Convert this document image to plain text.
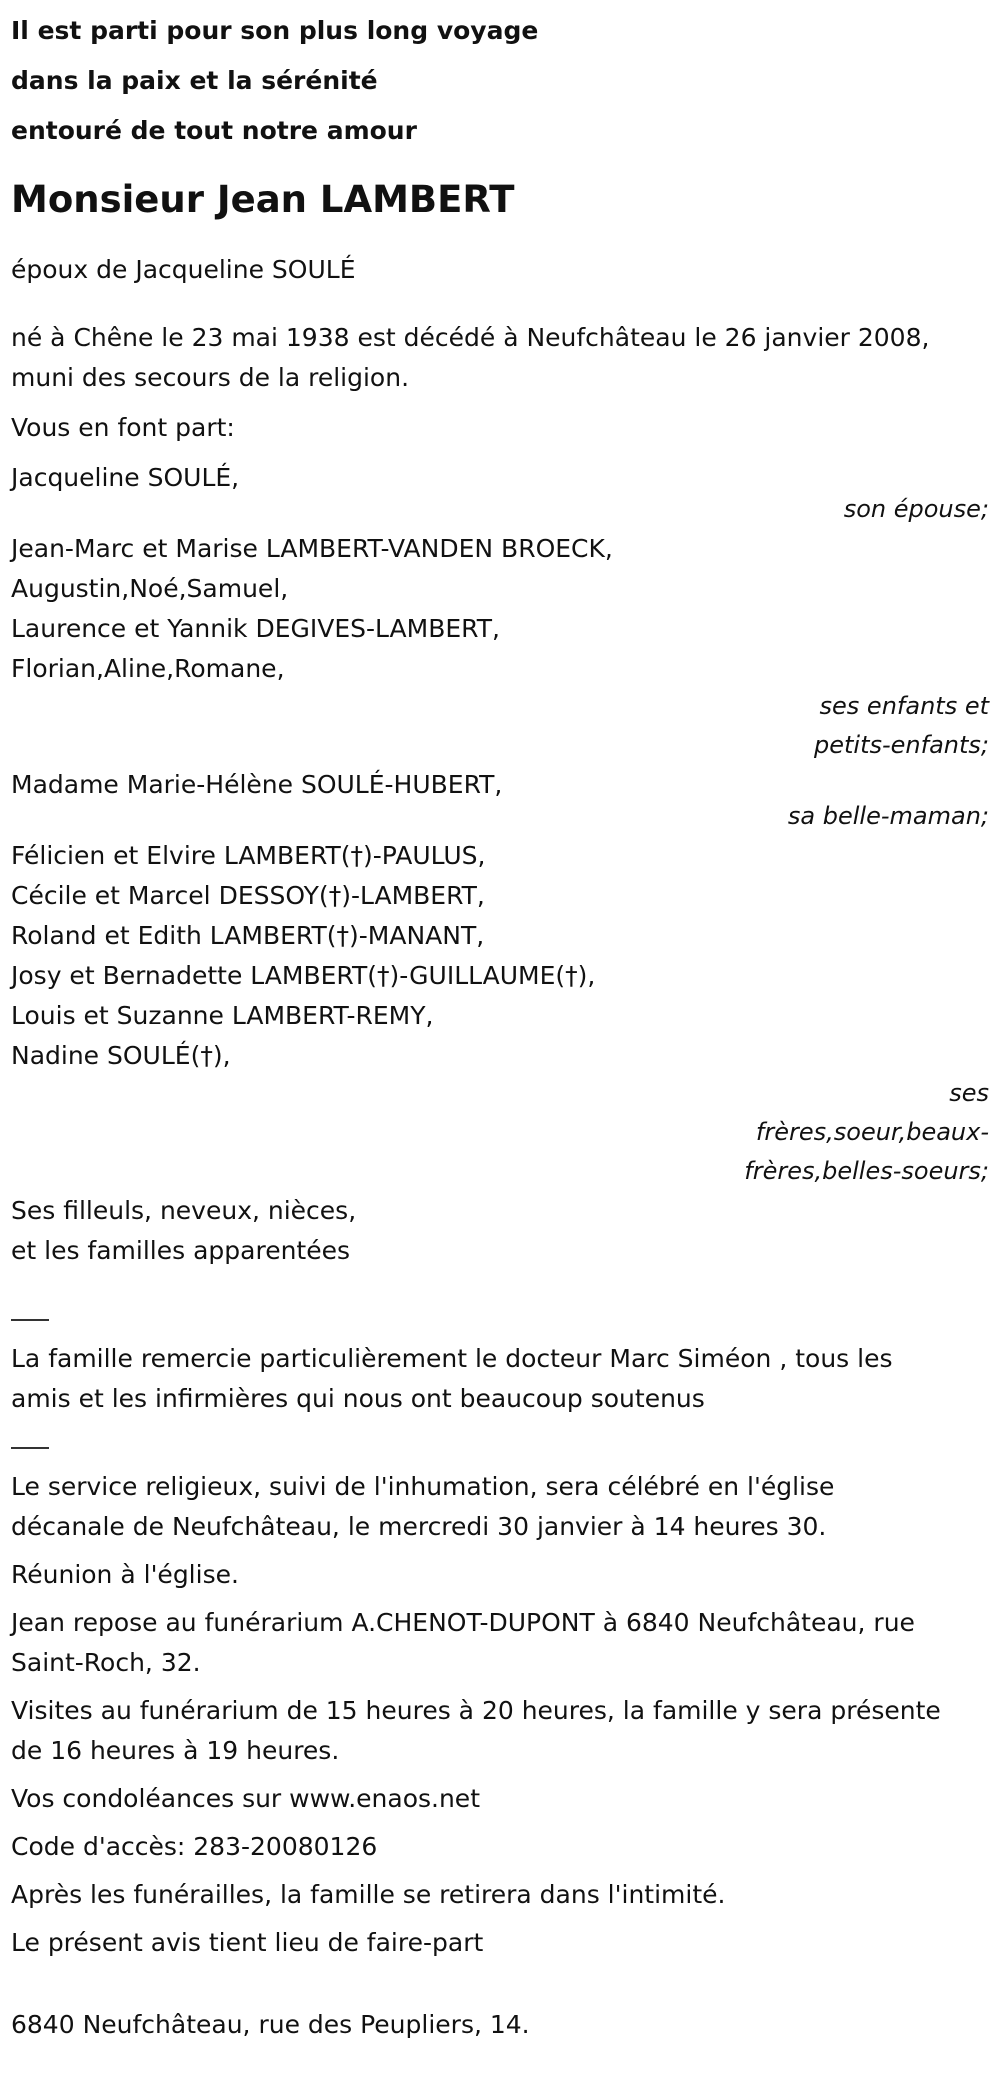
Il est parti pour son plus long voyage
dans la paix et la sérénité
entouré de tout notre amour
Monsieur Jean LAMBERT
époux de Jacqueline SOULÉ
né à Chêne le 23 mai 1938 est décédé à Neufchâteau le 26 janvier 2008,
muni des secours de la religion.
Vous en font part:
Jacqueline SOULÉ,
son épouse;
Jean-Marc et Marise LAMBERT-VANDEN BROECK,
Augustin,Noé,Samuel,
Laurence et Yannik DEGIVES-LAMBERT,
Florian,Aline,Romane,
ses enfants et
petits-enfants;
Madame Marie-Hélène SOULÉ-HUBERT,
sa belle-maman;
Félicien et Elvire LAMBERT(†)-PAULUS,
Cécile et Marcel DESSOY(†)-LAMBERT,
Roland et Edith LAMBERT(†)-MANANT,
Josy et Bernadette LAMBERT(†)-GUILLAUME(†),
Louis et Suzanne LAMBERT-REMY,
Nadine SOULÉ(†),
ses
frères,soeur,beaux-
frères,belles-soeurs;
Ses filleuls, neveux, nièces,
et les familles apparentées
La famille remercie particulièrement le docteur Marc Siméon , tous les
amis et les infirmières qui nous ont beaucoup soutenus
Le service religieux, suivi de l'inhumation, sera célébré en l'église
décanale de Neufchâteau, le mercredi 30 janvier à 14 heures 30.
Réunion à l'église.
Jean repose au funérarium A.CHENOT-DUPONT à 6840 Neufchâteau, rue
Saint-Roch, 32.
Visites au funérarium de 15 heures à 20 heures, la famille y sera présente
de 16 heures à 19 heures.
Vos condoléances sur www.enaos.net
Code d'accès: 283-20080126
Après les funérailles, la famille se retirera dans l'intimité.
Le présent avis tient lieu de faire-part
6840 Neufchâteau, rue des Peupliers, 14.
